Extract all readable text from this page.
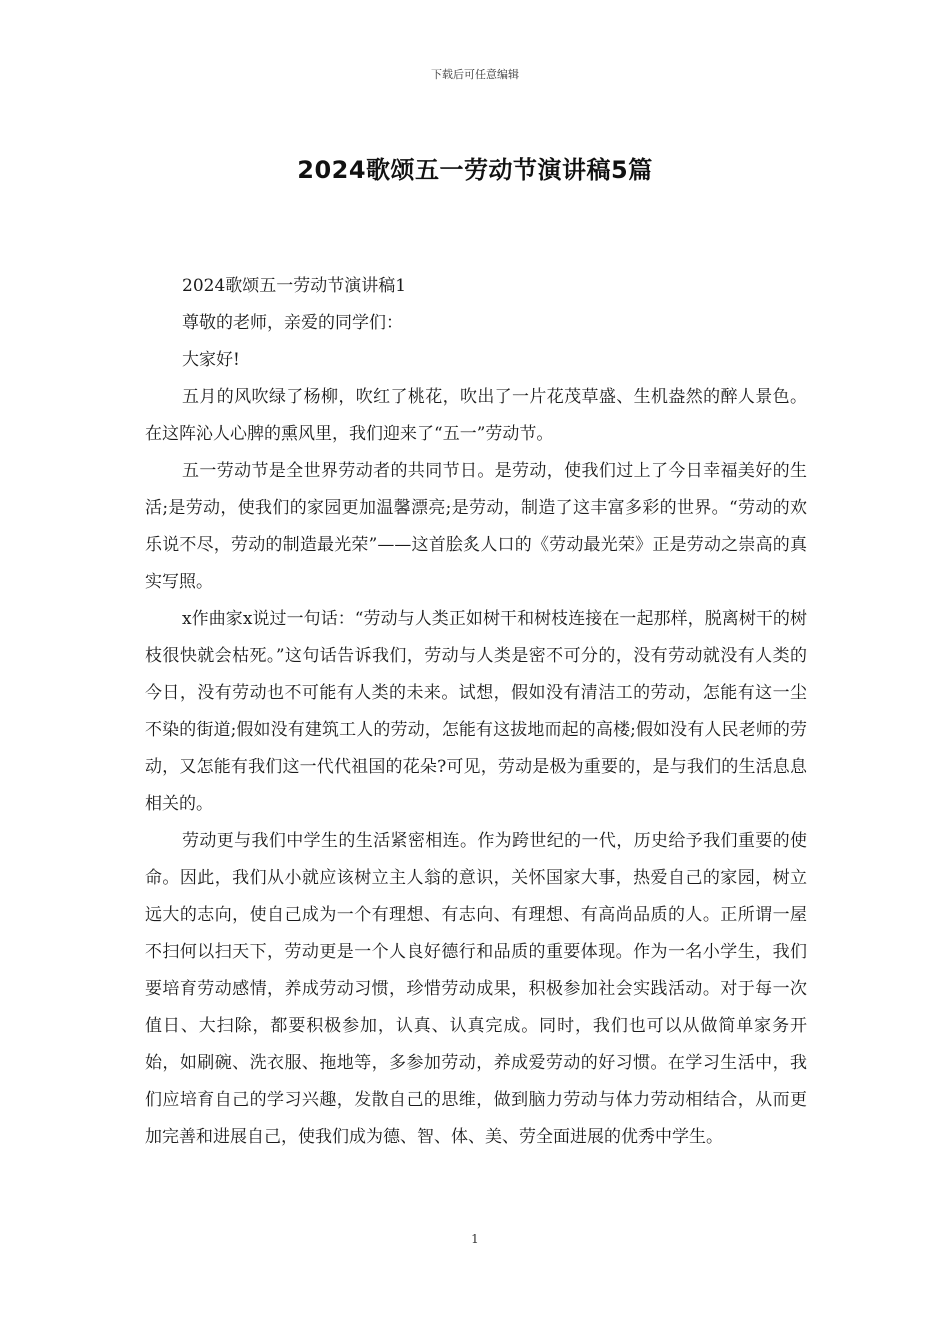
下载后可任意编辑
2024歌颂五一劳动节演讲稿5篇

2024歌颂五一劳动节演讲稿1

尊敬的老师，亲爱的同学们：

大家好!

五月的风吹绿了杨柳，吹红了桃花，吹出了一片花茂草盛、生机盎然的醉人景色。在这阵沁人心脾的熏风里，我们迎来了“五一”劳动节。

五一劳动节是全世界劳动者的共同节日。是劳动，使我们过上了今日幸福美好的生活;是劳动，使我们的家园更加温馨漂亮;是劳动，制造了这丰富多彩的世界。“劳动的欢乐说不尽，劳动的制造最光荣”——这首脍炙人口的《劳动最光荣》正是劳动之崇高的真实写照。

x作曲家x说过一句话：“劳动与人类正如树干和树枝连接在一起那样，脱离树干的树枝很快就会枯死。”这句话告诉我们，劳动与人类是密不可分的，没有劳动就没有人类的今日，没有劳动也不可能有人类的未来。试想，假如没有清洁工的劳动，怎能有这一尘不染的街道;假如没有建筑工人的劳动，怎能有这拔地而起的高楼;假如没有人民老师的劳动，又怎能有我们这一代代祖国的花朵?可见，劳动是极为重要的，是与我们的生活息息相关的。

劳动更与我们中学生的生活紧密相连。作为跨世纪的一代，历史给予我们重要的使命。因此，我们从小就应该树立主人翁的意识，关怀国家大事，热爱自己的家园，树立远大的志向，使自己成为一个有理想、有志向、有理想、有高尚品质的人。正所谓一屋不扫何以扫天下，劳动更是一个人良好德行和品质的重要体现。作为一名小学生，我们要培育劳动感情，养成劳动习惯，珍惜劳动成果，积极参加社会实践活动。对于每一次值日、大扫除，都要积极参加，认真、认真完成。同时，我们也可以从做简单家务开始，如刷碗、洗衣服、拖地等，多参加劳动，养成爱劳动的好习惯。在学习生活中，我们应培育自己的学习兴趣，发散自己的思维，做到脑力劳动与体力劳动相结合，从而更加完善和进展自己，使我们成为德、智、体、美、劳全面进展的优秀中学生。

1
